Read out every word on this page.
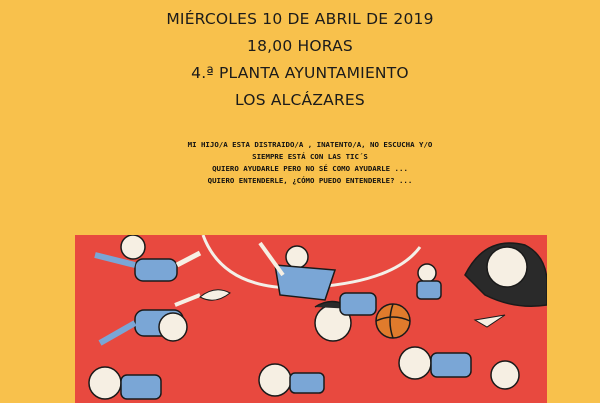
MIÉRCOLES 10 DE ABRIL DE 2019
18,00 HORAS
4.ª PLANTA AYUNTAMIENTO
LOS ALCÁZARES
MI HIJO/A ESTA DISTRAIDO/A , INATENTO/A, NO ESCUCHA Y/O
SIEMPRE ESTÁ CON LAS TIC´S
QUIERO AYUDARLE PERO NO SÉ COMO AYUDARLE ...
QUIERO ENTENDERLE, ¿CÓMO PUEDO ENTENDERLE? ...
